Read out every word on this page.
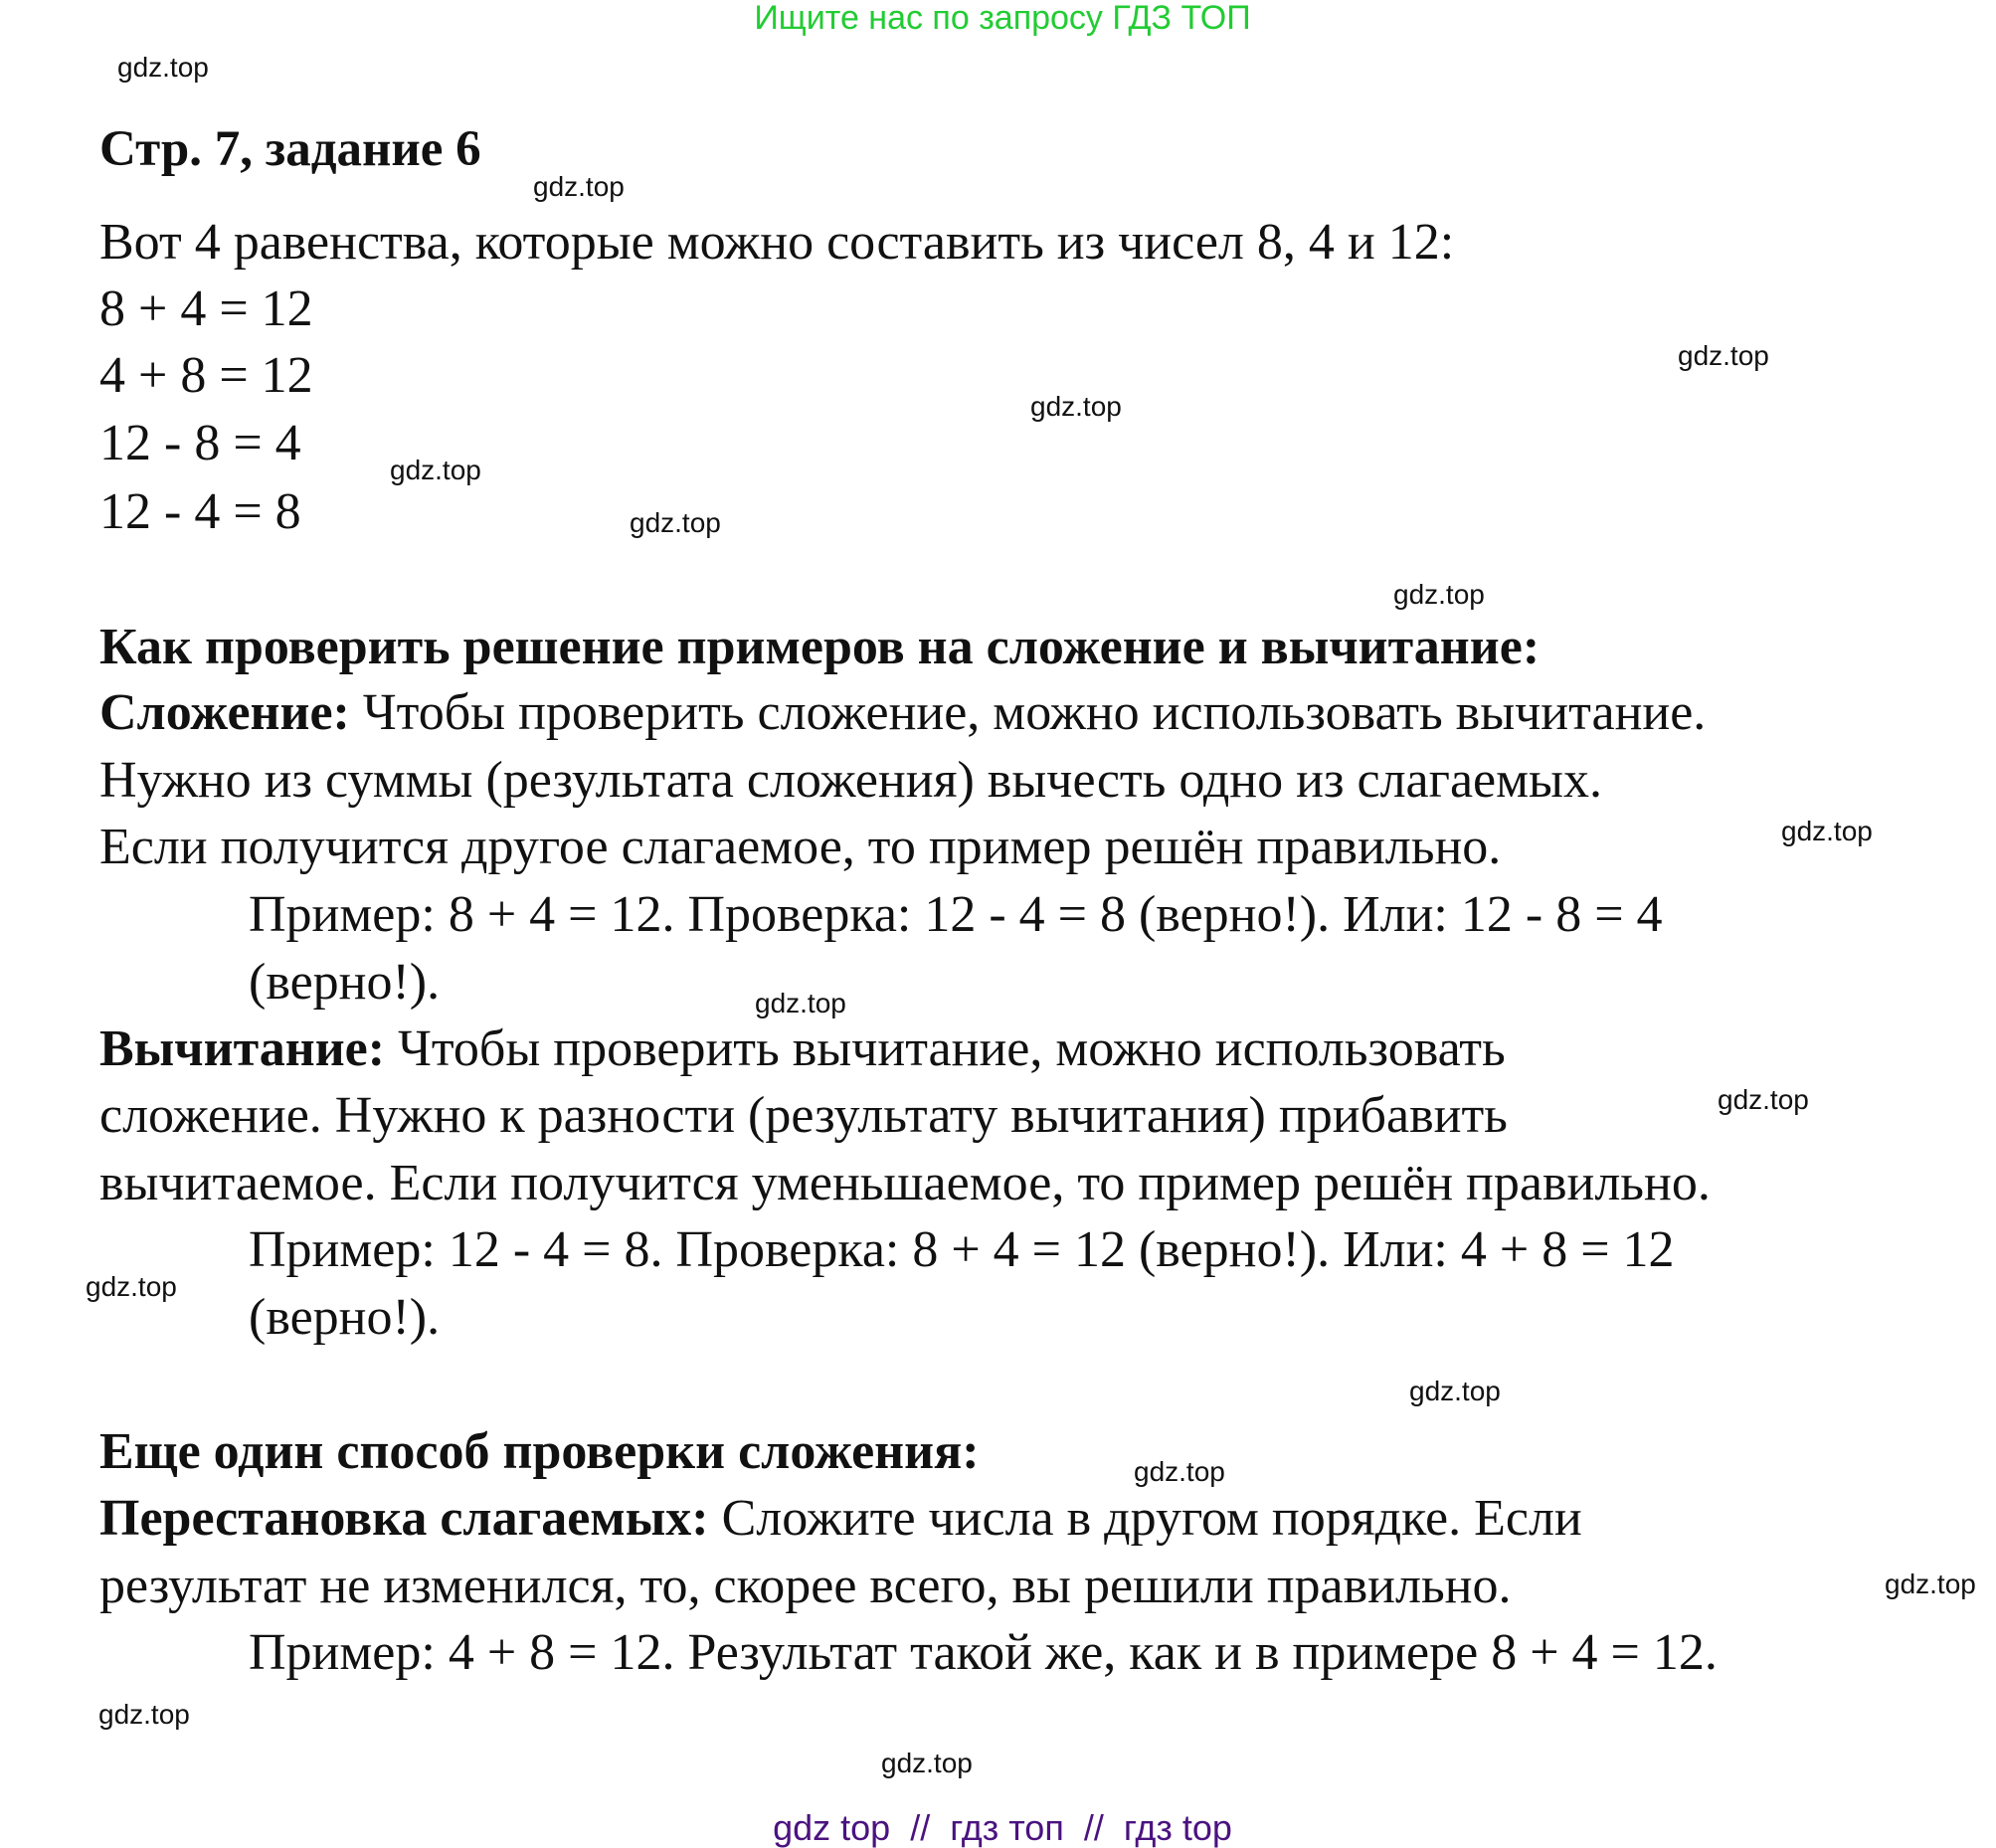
Ищите нас по запросу ГДЗ ТОП
Стр. 7, задание 6
Вот 4 равенства, которые можно составить из чисел 8, 4 и 12:
8 + 4 = 12
4 + 8 = 12
12 - 8 = 4
12 - 4 = 8
Как проверить решение примеров на сложение и вычитание:
Сложение: Чтобы проверить сложение, можно использовать вычитание.
Нужно из суммы (результата сложения) вычесть одно из слагаемых.
Если получится другое слагаемое, то пример решён правильно.
Пример: 8 + 4 = 12. Проверка: 12 - 4 = 8 (верно!). Или: 12 - 8 = 4
(верно!).
Вычитание: Чтобы проверить вычитание, можно использовать
сложение. Нужно к разности (результату вычитания) прибавить
вычитаемое. Если получится уменьшаемое, то пример решён правильно.
Пример: 12 - 4 = 8. Проверка: 8 + 4 = 12 (верно!). Или: 4 + 8 = 12
(верно!).
Еще один способ проверки сложения:
Перестановка слагаемых: Сложите числа в другом порядке. Если
результат не изменился, то, скорее всего, вы решили правильно.
Пример: 4 + 8 = 12. Результат такой же, как и в примере 8 + 4 = 12.
gdz.top
gdz.top
gdz.top
gdz.top
gdz.top
gdz.top
gdz.top
gdz.top
gdz.top
gdz.top
gdz.top
gdz.top
gdz.top
gdz.top
gdz.top
gdz.top
gdz top  //  гдз топ  //  гдз top
